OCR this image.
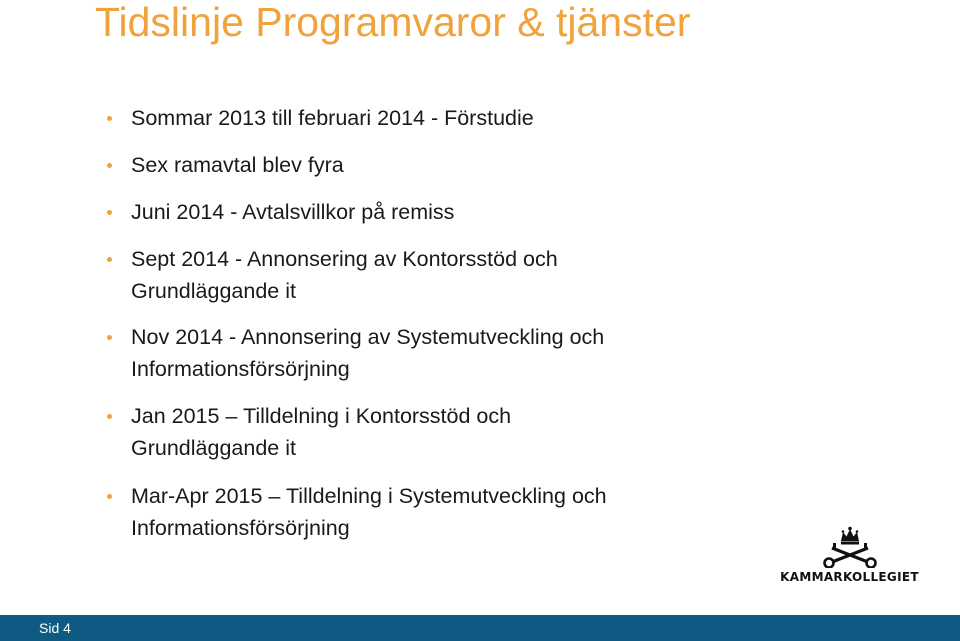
Tidslinje Programvaror & tjänster
Sommar 2013 till februari 2014 - Förstudie
Sex ramavtal blev fyra
Juni 2014 - Avtalsvillkor på remiss
Sept 2014 - Annonsering av Kontorsstöd och
Grundläggande it
Nov 2014 - Annonsering av Systemutveckling och
Informationsförsörjning
Jan 2015 – Tilldelning i Kontorsstöd och
Grundläggande it
Mar-Apr 2015 – Tilldelning i Systemutveckling och
Informationsförsörjning
KAMMARKOLLEGIET
Sid 4
